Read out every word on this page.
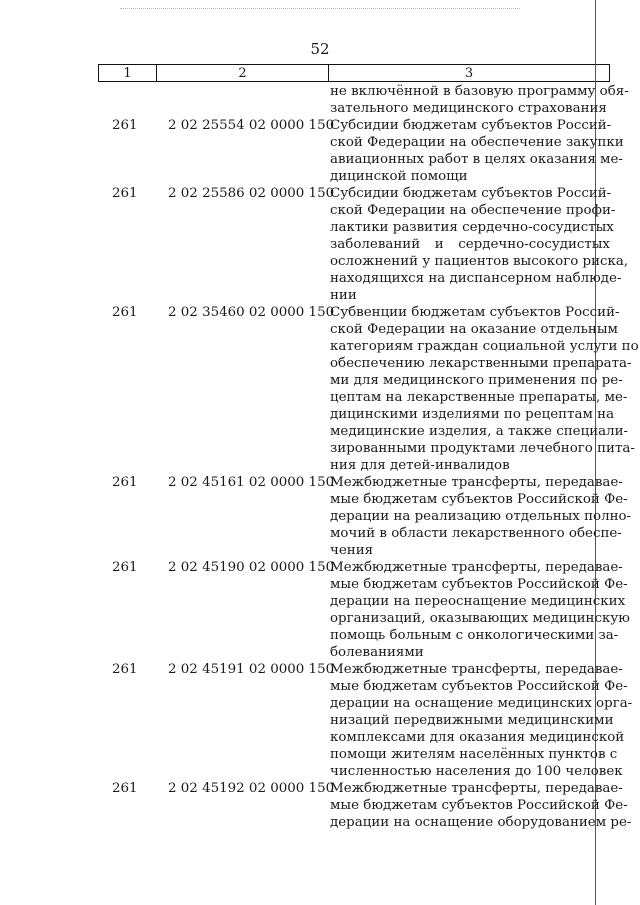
52
1	2	3
не включённой в базовую программу обя-
зательного медицинского страхования
261	2 02 25554 02 0000 150
Субсидии бюджетам субъектов Россий-
ской Федерации на обеспечение закупки
авиационных работ в целях оказания ме-
дицинской помощи
261	2 02 25586 02 0000 150
Субсидии бюджетам субъектов Россий-
ской Федерации на обеспечение профи-
лактики развития сердечно-сосудистых
заболеваний и сердечно-сосудистых
осложнений у пациентов высокого риска,
находящихся на диспансерном наблюде-
нии
261	2 02 35460 02 0000 150
Субвенции бюджетам субъектов Россий-
ской Федерации на оказание отдельным
категориям граждан социальной услуги по
обеспечению лекарственными препарата-
ми для медицинского применения по ре-
цептам на лекарственные препараты, ме-
дицинскими изделиями по рецептам на
медицинские изделия, а также специали-
зированными продуктами лечебного пита-
ния для детей-инвалидов
261	2 02 45161 02 0000 150
Межбюджетные трансферты, передавае-
мые бюджетам субъектов Российской Фе-
дерации на реализацию отдельных полно-
мочий в области лекарственного обеспе-
чения
261	2 02 45190 02 0000 150
Межбюджетные трансферты, передавае-
мые бюджетам субъектов Российской Фе-
дерации на переоснащение медицинских
организаций, оказывающих медицинскую
помощь больным с онкологическими за-
болеваниями
261	2 02 45191 02 0000 150
Межбюджетные трансферты, передавае-
мые бюджетам субъектов Российской Фе-
дерации на оснащение медицинских орга-
низаций передвижными медицинскими
комплексами для оказания медицинской
помощи жителям населённых пунктов с
численностью населения до 100 человек
261	2 02 45192 02 0000 150
Межбюджетные трансферты, передавае-
мые бюджетам субъектов Российской Фе-
дерации на оснащение оборудованием ре-
